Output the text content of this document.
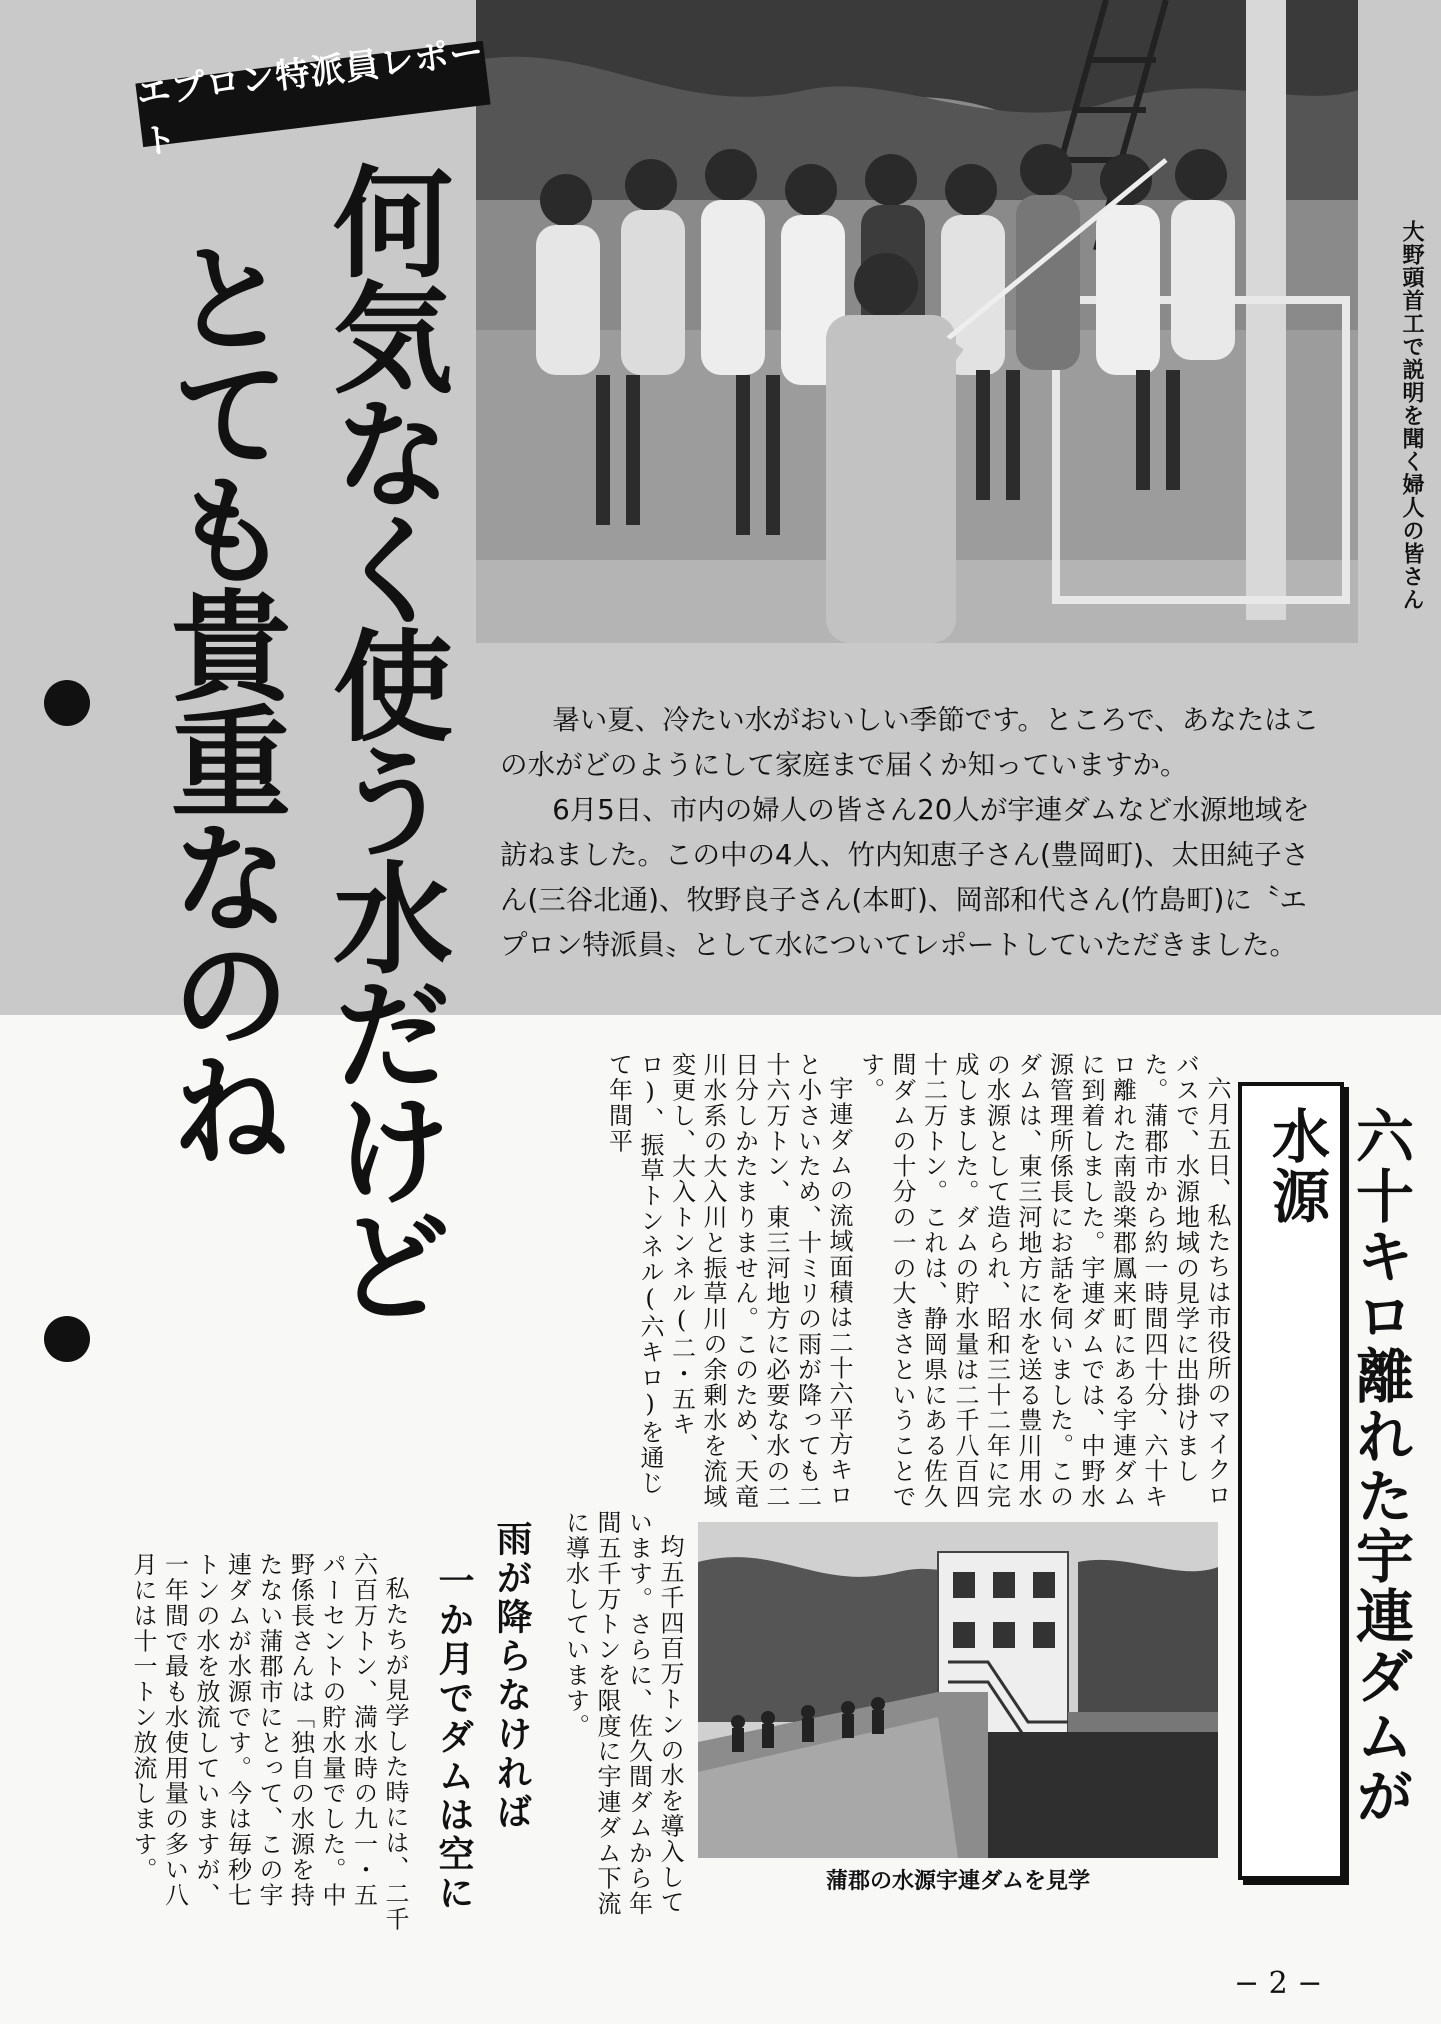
大野頭首工で説明を聞く婦人の皆さん
エプロン特派員レポート
何気なく使う水だけど
とても貴重なのね	暑い夏、冷たい水がおいしい季節です。ところで、あなたはこの水がどのようにして家庭まで届くか知っていますか。

6月5日、市内の婦人の皆さん20人が宇連ダムなど水源地域を訪ねました。この中の4人、竹内知恵子さん(豊岡町)、太田純子さん(三谷北通)、牧野良子さん(本町)、岡部和代さん(竹島町)に〝エプロン特派員〟として水についてレポートしていただきました。

六十キロ離れた宇連ダムが水源

六月五日、私たちは市役所のマイクロバスで、水源地域の見学に出掛けました。蒲郡市から約一時間四十分、六十キロ離れた南設楽郡鳳来町にある宇連ダムに到着しました。宇連ダムでは、中野水源管理所係長にお話を伺いました。このダムは、東三河地方に水を送る豊川用水の水源として造られ、昭和三十二年に完成しました。ダムの貯水量は二千八百四十二万トン。これは、静岡県にある佐久間ダムの十分の一の大きさということです。

宇連ダムの流域面積は二十六平方キロと小さいため、十ミリの雨が降っても二十六万トン、東三河地方に必要な水の二日分しかたまりません。このため、天竜川水系の大入川と振草川の余剰水を流域変更し、大入トンネル(二・五キロ)、振草トンネル(六キロ)を通じて年間平

均五千四百万トンの水を導入しています。さらに、佐久間ダムから年間五千万トンを限度に宇連ダム下流に導水しています。

蒲郡の水源宇連ダムを見学
雨が降らなければ
一か月でダムは空に

私たちが見学した時には、二千六百万トン、満水時の九一・五パーセントの貯水量でした。中野係長さんは「独自の水源を持たない蒲郡市にとって、この宇連ダムが水源です。今は毎秒七トンの水を放流していますが、一年間で最も水使用量の多い八月には十一トン放流します。

− 2 −
